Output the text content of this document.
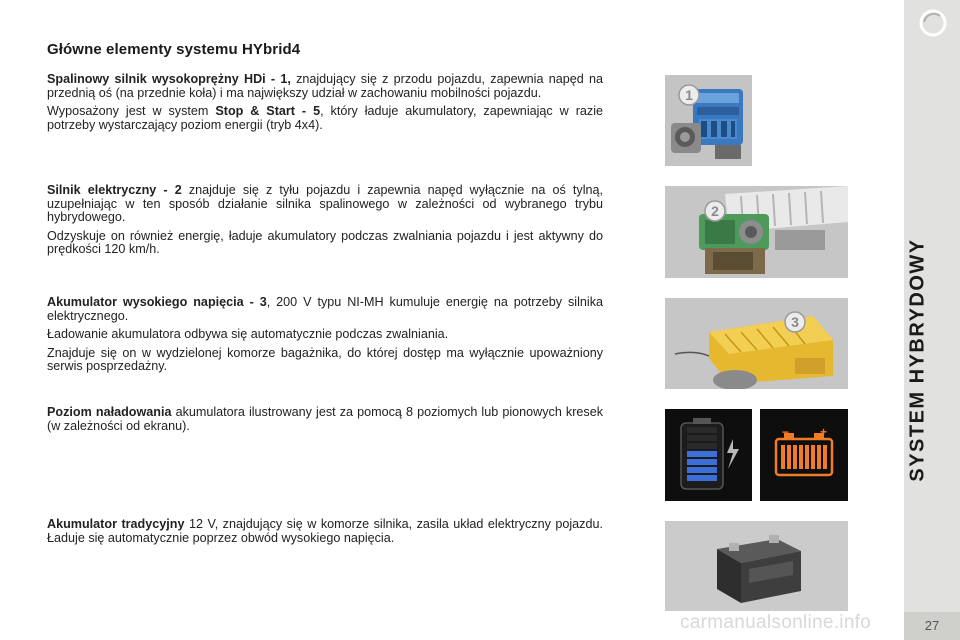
Główne elementy systemu HYbrid4

Spalinowy silnik wysokoprężny HDi - 1, znajdujący się z przodu pojazdu, zapewnia napęd na przednią oś (na przednie koła) i ma największy udział w zachowaniu mobilności pojazdu.

Wyposażony jest w system Stop & Start - 5, który ładuje akumulatory, zapewniając w razie potrzeby wystarczający poziom energii (tryb 4x4).

Silnik elektryczny - 2 znajduje się z tyłu pojazdu i zapewnia napęd wyłącznie na oś tylną, uzupełniając w ten sposób działanie silnika spalinowego w zależności od wybranego trybu hybrydowego.

Odzyskuje on również energię, ładuje akumulatory podczas zwalniania pojazdu i jest aktywny do prędkości 120 km/h.

Akumulator wysokiego napięcia - 3, 200 V typu NI-MH kumuluje energię na potrzeby silnika elektrycznego.

Ładowanie akumulatora odbywa się automatycznie podczas zwalniania.

Znajduje się on w wydzielonej komorze bagażnika, do której dostęp ma wyłącznie upoważniony serwis posprzedażny.

Poziom naładowania akumulatora ilustrowany jest za pomocą 8 poziomych lub pionowych kresek (w zależności od ekranu).

Akumulator tradycyjny 12 V, znajdujący się w komorze silnika, zasila układ elektryczny pojazdu. Ładuje się automatycznie poprzez obwód wysokiego napięcia.

1
2
3
−	+	SYSTEM HYBRYDOWY
27
carmanualsonline.info
